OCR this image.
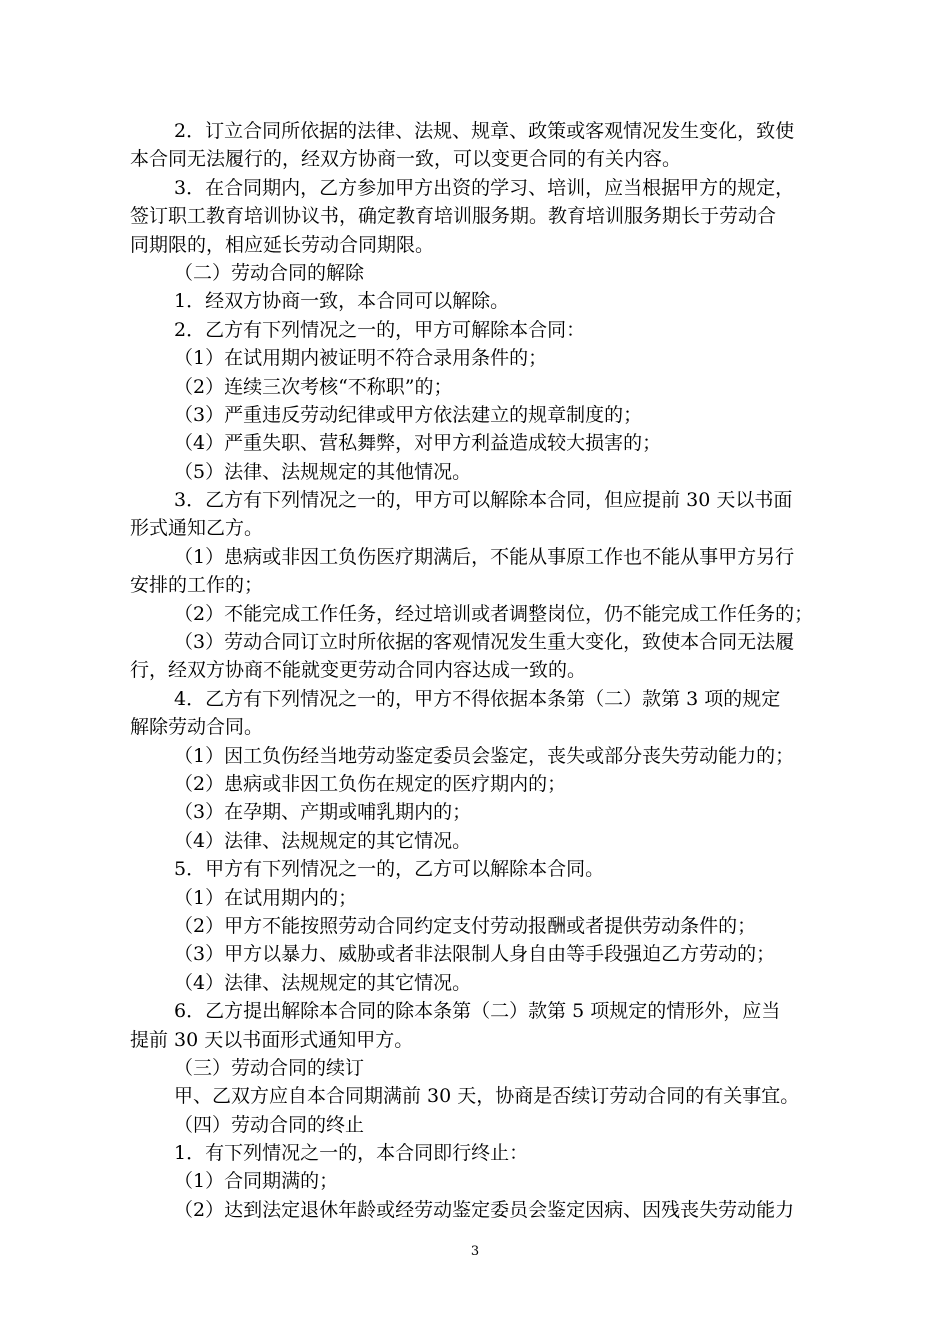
2．订立合同所依据的法律、法规、规章、政策或客观情况发生变化，致使
本合同无法履行的，经双方协商一致，可以变更合同的有关内容。
3．在合同期内，乙方参加甲方出资的学习、培训，应当根据甲方的规定，
签订职工教育培训协议书，确定教育培训服务期。教育培训服务期长于劳动合
同期限的，相应延长劳动合同期限。
（二）劳动合同的解除
1．经双方协商一致，本合同可以解除。
2．乙方有下列情况之一的，甲方可解除本合同：
（1）在试用期内被证明不符合录用条件的；
（2）连续三次考核“不称职”的；
（3）严重违反劳动纪律或甲方依法建立的规章制度的；
（4）严重失职、营私舞弊，对甲方利益造成较大损害的；
（5）法律、法规规定的其他情况。
3．乙方有下列情况之一的，甲方可以解除本合同，但应提前 30 天以书面
形式通知乙方。
（1）患病或非因工负伤医疗期满后，不能从事原工作也不能从事甲方另行
安排的工作的；
（2）不能完成工作任务，经过培训或者调整岗位，仍不能完成工作任务的；
（3）劳动合同订立时所依据的客观情况发生重大变化，致使本合同无法履
行，经双方协商不能就变更劳动合同内容达成一致的。
4．乙方有下列情况之一的，甲方不得依据本条第（二）款第 3 项的规定
解除劳动合同。
（1）因工负伤经当地劳动鉴定委员会鉴定，丧失或部分丧失劳动能力的；
（2）患病或非因工负伤在规定的医疗期内的；
（3）在孕期、产期或哺乳期内的；
（4）法律、法规规定的其它情况。
5．甲方有下列情况之一的，乙方可以解除本合同。
（1）在试用期内的；
（2）甲方不能按照劳动合同约定支付劳动报酬或者提供劳动条件的；
（3）甲方以暴力、威胁或者非法限制人身自由等手段强迫乙方劳动的；
（4）法律、法规规定的其它情况。
6．乙方提出解除本合同的除本条第（二）款第 5 项规定的情形外，应当
提前 30 天以书面形式通知甲方。
（三）劳动合同的续订
甲、乙双方应自本合同期满前 30 天，协商是否续订劳动合同的有关事宜。
（四）劳动合同的终止
1．有下列情况之一的，本合同即行终止：
（1）合同期满的；
（2）达到法定退休年龄或经劳动鉴定委员会鉴定因病、因残丧失劳动能力
3
